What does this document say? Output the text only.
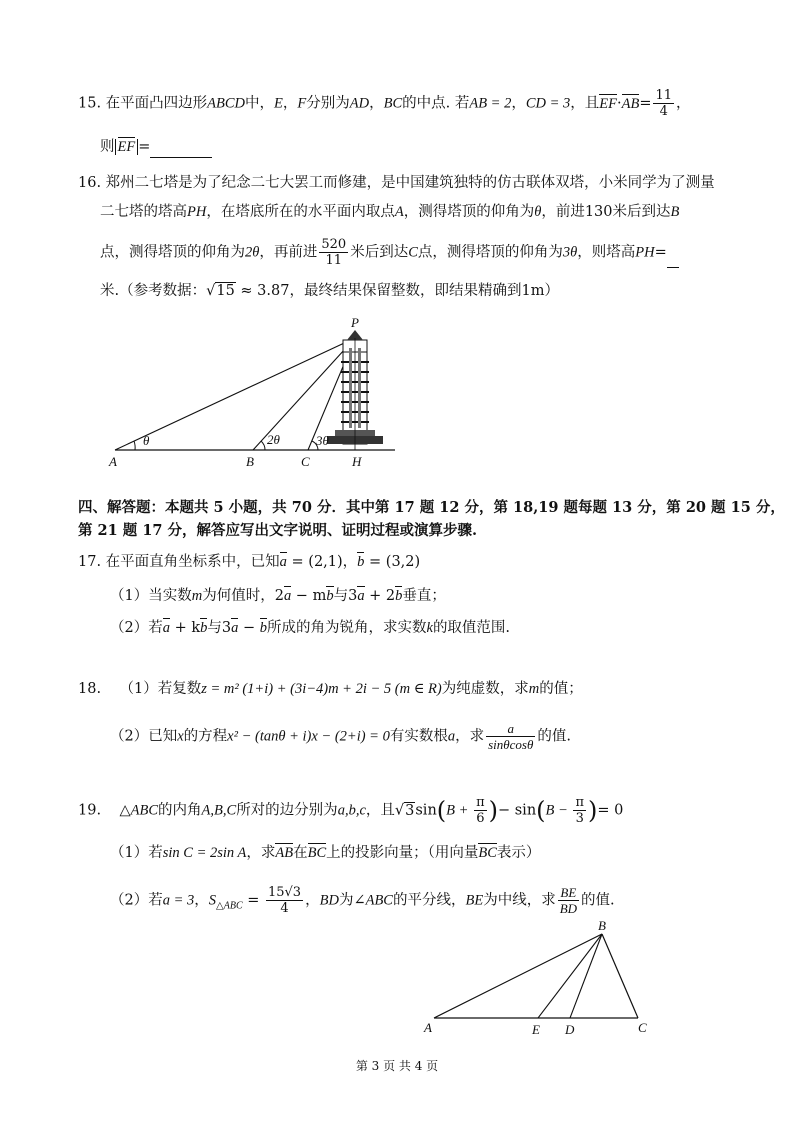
15. 在平面凸四边形ABCD中，E，F分别为AD，BC的中点. 若AB = 2，CD = 3，且$EF\cdot AB= \frac{11}{4}$ ，
则 EF =
16. 郑州二七塔是为了纪念二七大罢工而修建，是中国建筑独特的仿古联体双塔，小米同学为了测量
二七塔的塔高PH，在塔底所在的水平面内取点A，测得塔顶的仰角为θ，前进130米后到达B
点，测得塔顶的仰角为2θ，再前进 $\frac{520}{11}$ 米后到达C点，测得塔顶的仰角为3θ，则塔高PH=
米.（参考数据：√15 ≈ 3.87，最终结果保留整数，即结果精确到1m）
P
A	B	C	H
θ	2θ	3θ
四、解答题：本题共 5 小题，共 70 分．其中第 17 题 12 分，第 18,19 题每题 13 分，第 20 题 15 分，
第 21 题 17 分，解答应写出文字说明、证明过程或演算步骤.
17. 在平面直角坐标系中，已知a = (2,1)，b = (3,2)
（1）当实数m为何值时，2a − mb与3a + 2b垂直；
（2）若a + kb与3a − b所成的角为锐角，求实数k的取值范围.
18. （1）若复数z = m² (1+i) + (3i−4)m + 2i − 5 (m ∈ R)为纯虚数，求m的值；
（2）已知x的方程x² − (tanθ + i)x − (2+i) = 0有实数根a，求 $\frac{a}{\sin\theta\cos\theta}$ 的值.
19. △ABC的内角A,B,C所对的边分别为a,b,c，且$√3\sin(B + \frac{\pi}{6}$ )− $\sin(B - \frac{\pi}{3}$ )= 0
（1）若sin C = 2sin A，求AB在BC上的投影向量；（用向量BC表示）
（2）若a = 3，$S_{\triangle ABC} = \frac{15√3}{4}$ ，BD为∠ABC的平分线，BE为中线，求 $\frac{BE}{BD}$ 的值.
B
A	E D	C
第 3 页 共 4 页
